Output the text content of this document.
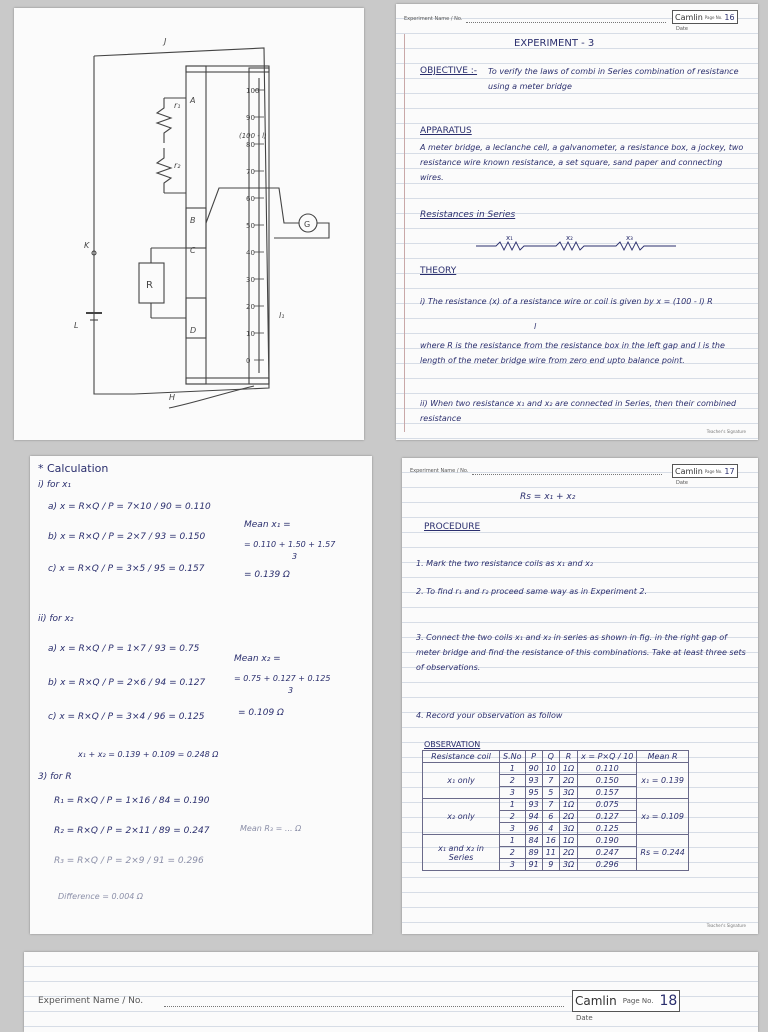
J
r₁
r₂
K
L
A
B
C
D
R
G
(100 - l)
H
l₁
0
10
20
30
40
50
60
70
80
90
100
Experiment Name / No.	Camlin Page No. 16
Date
EXPERIMENT - 3
OBJECTIVE :- To verify the laws of combi in Series combination of resistance using a meter bridge
APPARATUS
A meter bridge, a leclanche cell, a galvanometer, a resistance box, a jockey, two resistance wire known resistance, a set square, sand paper and connecting wires.
Resistances in Series
x₁	x₂	x₃
THEORY
i) The resistance (x) of a resistance wire or coil is given by x = (100 - l) R
l
where R is the resistance from the resistance box in the left gap and l is the length of the meter bridge wire from zero end upto balance point.
ii) When two resistance x₁ and x₂ are connected in Series, then their combined resistance
Teacher's Signature
* Calculation
i) for x₁
a) x = R×Q / P = 7×10 / 90 = 0.110
b) x = R×Q / P = 2×7 / 93 = 0.150
c) x = R×Q / P = 3×5 / 95 = 0.157
Mean x₁ =
= 0.110 + 1.50 + 1.57
3
= 0.139 Ω
ii) for x₂
a) x = R×Q / P = 1×7 / 93 = 0.75
b) x = R×Q / P = 2×6 / 94 = 0.127
c) x = R×Q / P = 3×4 / 96 = 0.125
Mean x₂ =
= 0.75 + 0.127 + 0.125
3
= 0.109 Ω
x₁ + x₂ = 0.139 + 0.109 = 0.248 Ω
3) for R
R₁ = R×Q / P = 1×16 / 84 = 0.190
R₂ = R×Q / P = 2×11 / 89 = 0.247
R₃ = R×Q / P = 2×9 / 91 = 0.296
Mean R₃ = ... Ω
Difference = 0.004 Ω
Experiment Name / No.	Camlin Page No. 17
Date
Rs = x₁ + x₂
PROCEDURE
1. Mark the two resistance coils as x₁ and x₂
2. To find r₁ and r₂ proceed same way as in Experiment 2.
3. Connect the two coils x₁ and x₂ in series as shown in fig. in the right gap of meter bridge and find the resistance of this combinations. Take at least three sets of observations.
4. Record your observation as follow
OBSERVATION
Resistance coil	S.No	P	Q	R	x = P×Q / 10	Mean R
x₁ only	1	90	10	1Ω	0.110	x₁ = 0.139
	2	93	7	2Ω	0.150	
	3	95	5	3Ω	0.157	
x₂ only	1	93	7	1Ω	0.075	x₂ = 0.109
	2	94	6	2Ω	0.127	
	3	96	4	3Ω	0.125	
x₁ and x₂ in Series	1	84	16	1Ω	0.190	Rs = 0.244
	2	89	11	2Ω	0.247	
	3	91	9	3Ω	0.296	
Teacher's Signature
Experiment Name / No.	Camlin Page No. 18
Date
